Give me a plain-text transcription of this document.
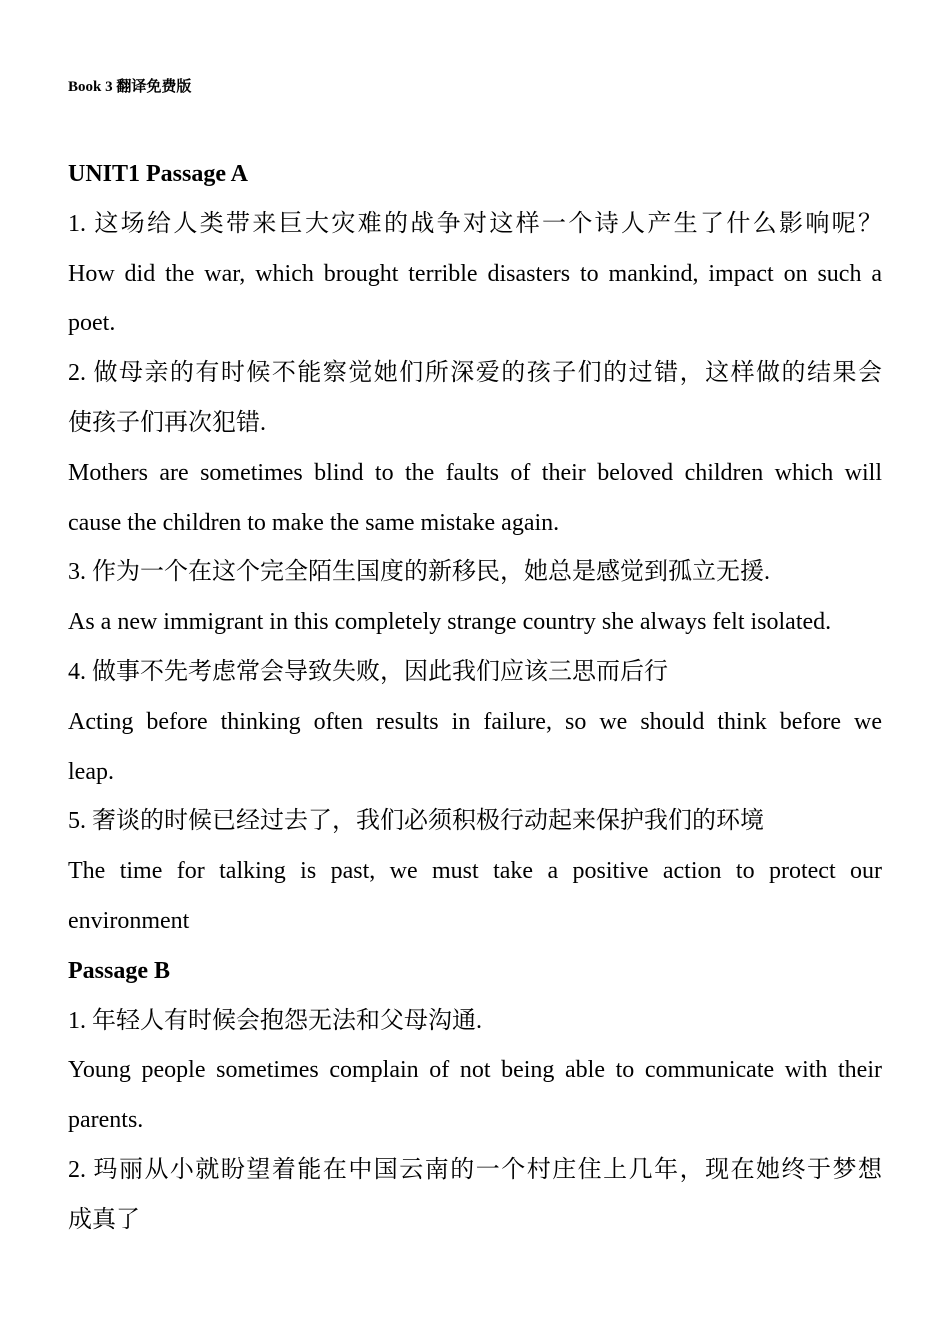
Book 3 翻译免费版

UNIT1 Passage A

1. 这场给人类带来巨大灾难的战争对这样一个诗人产生了什么影响呢？

How did the war, which brought terrible disasters to mankind, impact on such a

poet.

2. 做母亲的有时候不能察觉她们所深爱的孩子们的过错，这样做的结果会

使孩子们再次犯错.

Mothers are sometimes blind to the faults of their beloved children which will

cause the children to make the same mistake again.

3. 作为一个在这个完全陌生国度的新移民，她总是感觉到孤立无援.

As a new immigrant in this completely strange country she always felt isolated.

4. 做事不先考虑常会导致失败，因此我们应该三思而后行

Acting before thinking often results in failure, so we should think before we

leap.

5. 奢谈的时候已经过去了，我们必须积极行动起来保护我们的环境

The time for talking is past, we must take a positive action to protect our

environment

Passage B

1. 年轻人有时候会抱怨无法和父母沟通.

Young people sometimes complain of not being able to communicate with their

parents.

2. 玛丽从小就盼望着能在中国云南的一个村庄住上几年，现在她终于梦想

成真了
